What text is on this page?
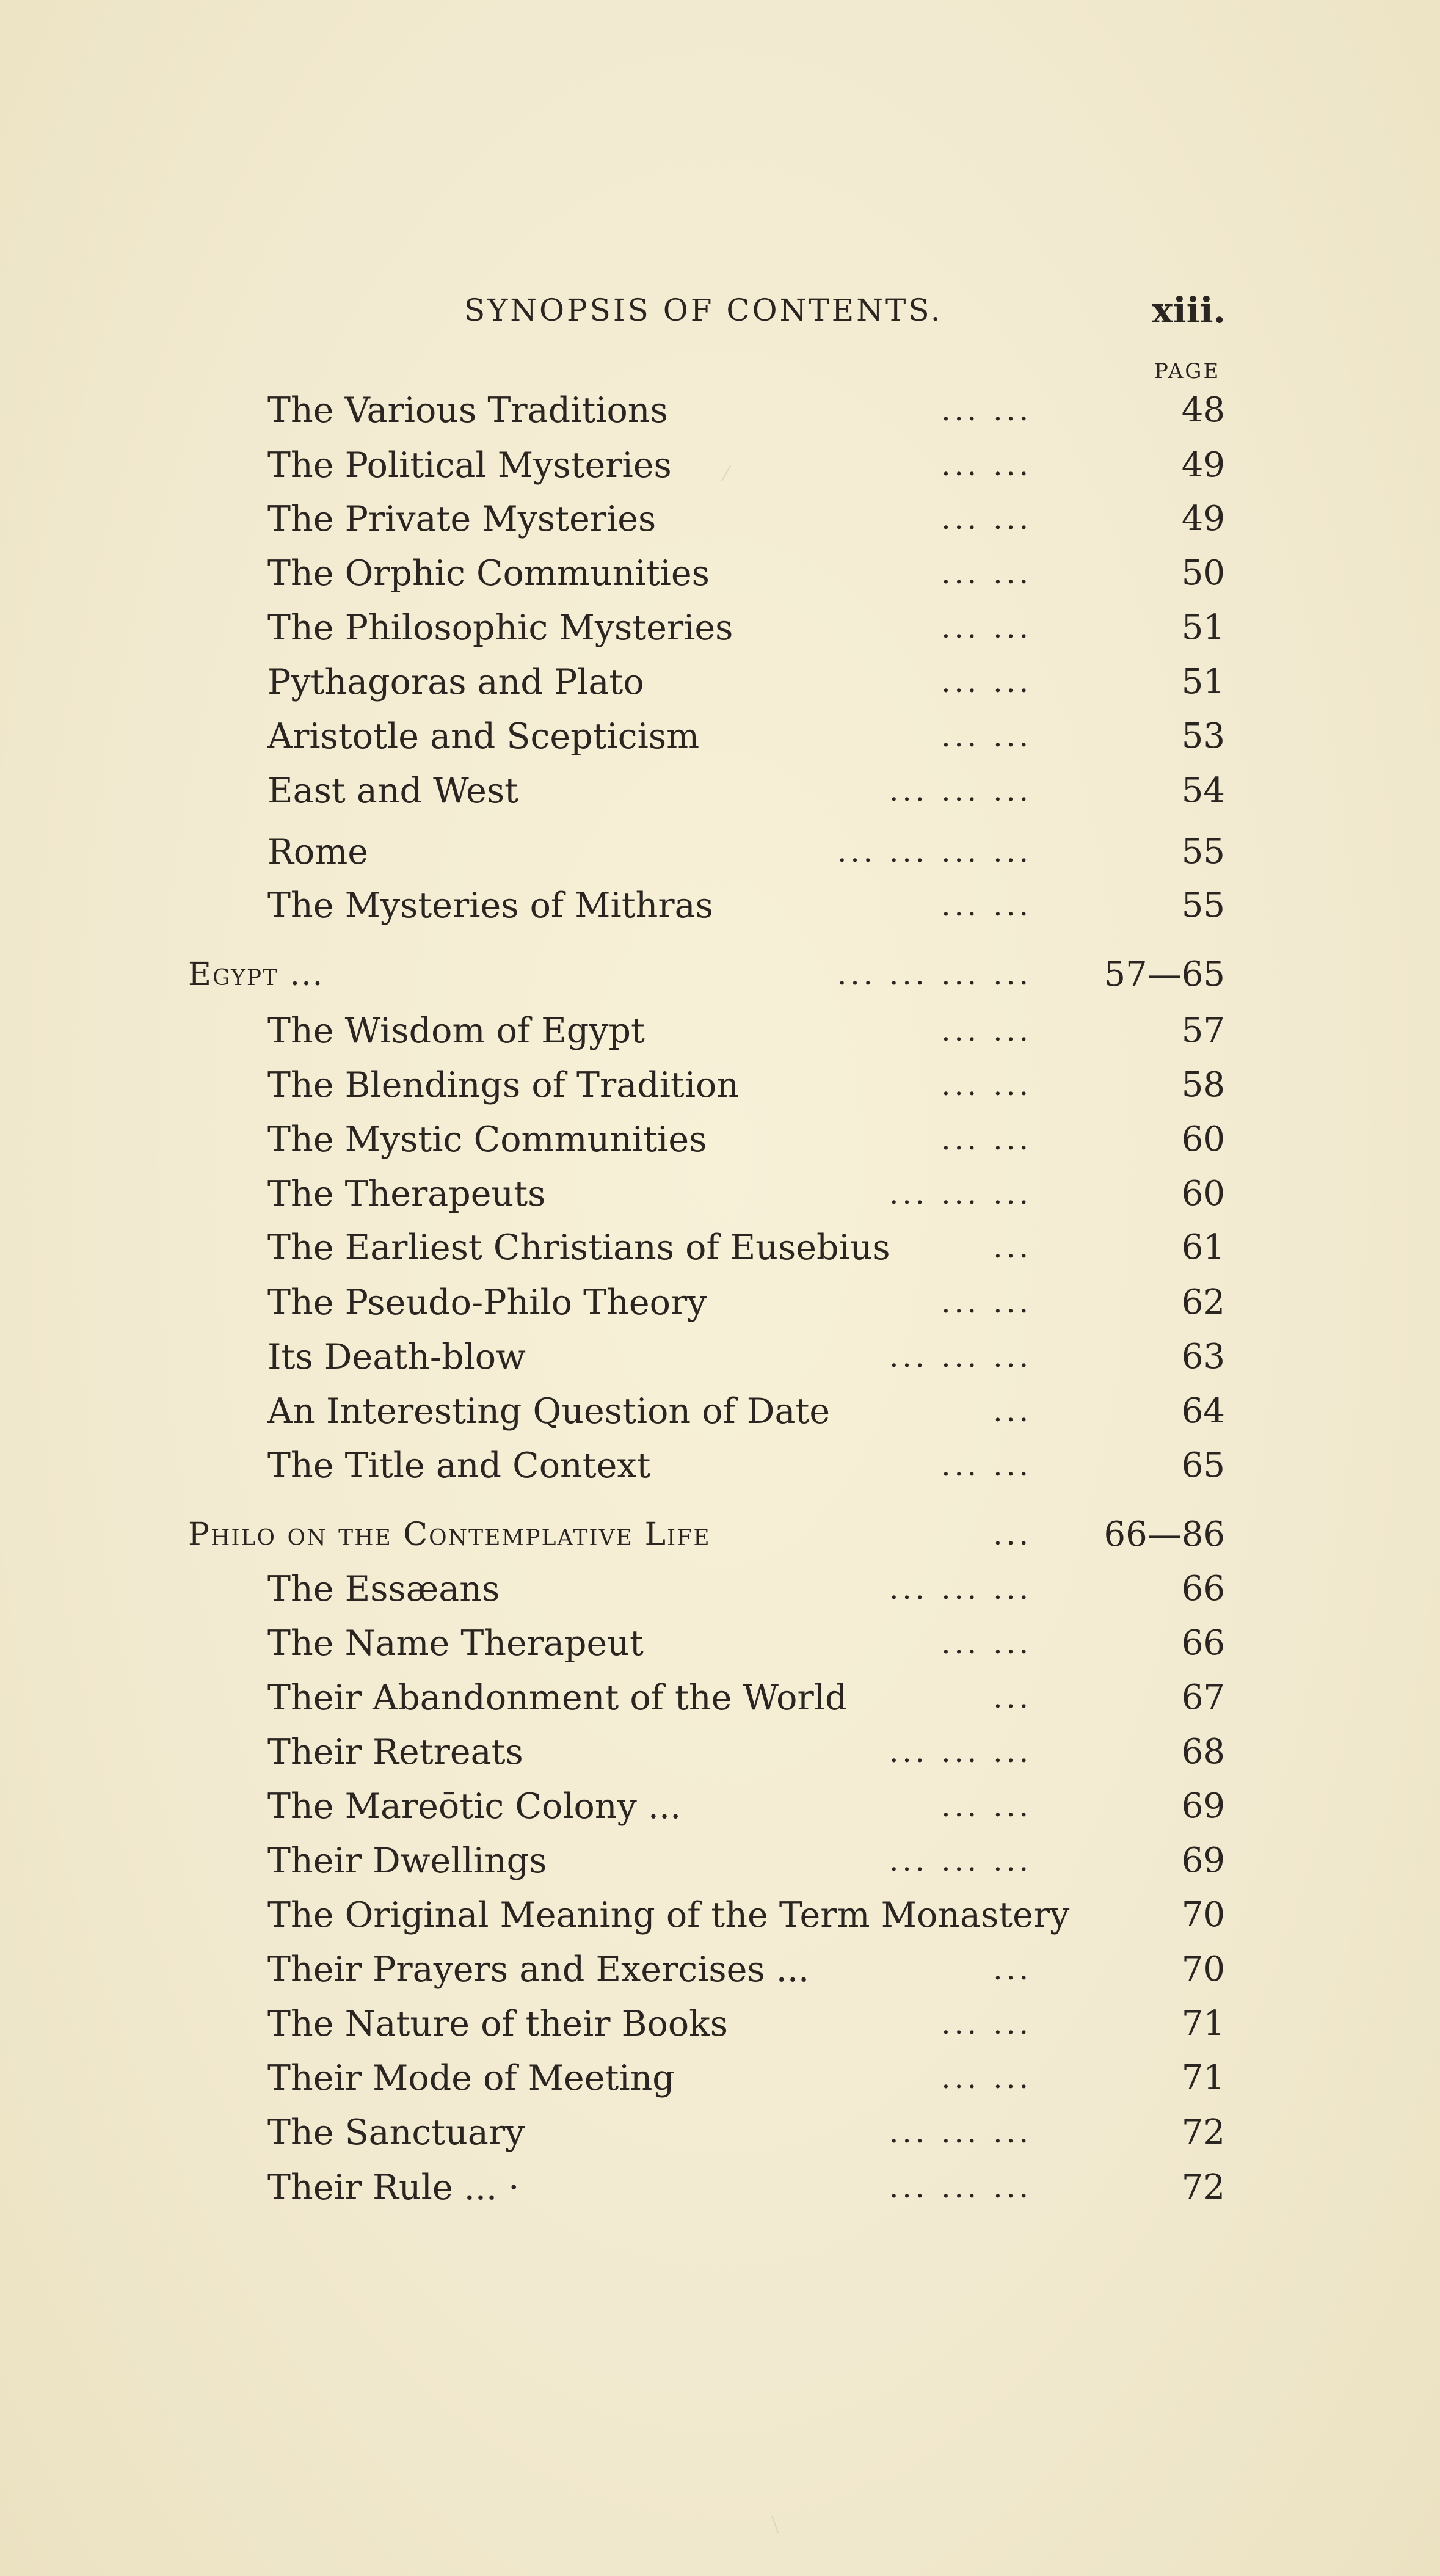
SYNOPSIS OF CONTENTS.	xiii.
PAGE
The Various Traditions	... ...	48
The Political Mysteries	... ...	49
The Private Mysteries	... ...	49
The Orphic Communities	... ...	50
The Philosophic Mysteries	... ...	51
Pythagoras and Plato	... ...	51
Aristotle and Scepticism	... ...	53
East and West	... ... ...	54
Rome	... ... ... ...	55
The Mysteries of Mithras	... ...	55
Egypt ...	... ... ... ... 57—65
The Wisdom of Egypt	... ...	57
The Blendings of Tradition	... ...	58
The Mystic Communities	... ...	60
The Therapeuts	... ... ...	60
The Earliest Christians of Eusebius	...	61
The Pseudo-Philo Theory	... ...	62
Its Death-blow	... ... ...	63
An Interesting Question of Date	...	64
The Title and Context	... ...	65
Philo on the Contemplative Life	... 66—86
The Essæans	... ... ...	66
The Name Therapeut	... ...	66
Their Abandonment of the World	...	67
Their Retreats	... ... ...	68
The Mareōtic Colony ...	... ...	69
Their Dwellings	... ... ...	69
The Original Meaning of the Term Monastery	70
Their Prayers and Exercises ...	...	70
The Nature of their Books	... ...	71
Their Mode of Meeting	... ...	71
The Sanctuary	... ... ...	72
Their Rule ... ·	... ... ...	72
